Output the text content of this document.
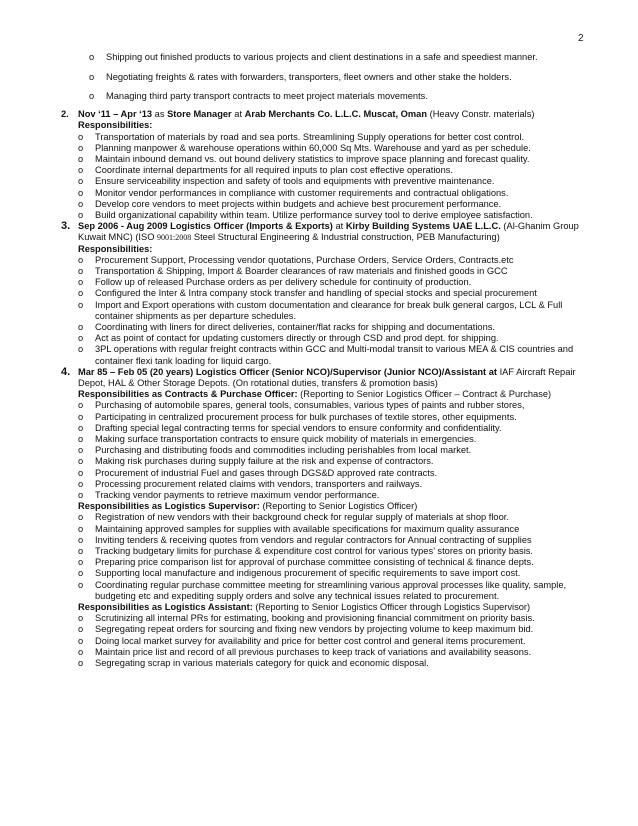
2
o	Shipping out finished products to various projects and client destinations in a safe and speediest manner.
o	Negotiating freights & rates with forwarders, transporters, fleet owners and other stake the holders.
o	Managing third party transport contracts to meet project materials movements.
2. Nov ‘11 – Apr ‘13 as Store Manager at Arab Merchants Co. L.L.C. Muscat, Oman (Heavy Constr. materials)
Responsibilities:
o	Transportation of materials by road and sea ports. Streamlining Supply operations for better cost control.
o	Planning manpower & warehouse operations within 60,000 Sq Mts. Warehouse and yard as per schedule.
o	Maintain inbound demand vs. out bound delivery statistics to improve space planning and forecast quality.
o	Coordinate internal departments for all required inputs to plan cost effective operations.
o	Ensure serviceability inspection and safety of tools and equipments with preventive maintenance.
o	Monitor vendor performances in compliance with customer requirements and contractual obligations.
o	Develop core vendors to meet projects within budgets and achieve best procurement performance.
o	Build organizational capability within team. Utilize performance survey tool to derive employee satisfaction.
3. Sep 2006 - Aug 2009 Logistics Officer (Imports & Exports) at Kirby Building Systems UAE L.L.C. (Al-Ghanim Group Kuwait MNC) (ISO 9001:2008 Steel Structural Engineering & Industrial construction, PEB Manufacturing)
Responsibilities:
o	Procurement Support, Processing vendor quotations, Purchase Orders, Service Orders, Contracts.etc
o	Transportation & Shipping, Import & Boarder clearances of raw materials and finished goods in GCC
o	Follow up of released Purchase orders as per delivery schedule for continuity of production.
o	Configured the Inter & Intra company stock transfer and handling of special stocks and special procurement
o	Import and Export operations with custom documentation and clearance for break bulk general cargos, LCL & Full container shipments as per departure schedules.
o	Coordinating with liners for direct deliveries, container/flat racks for shipping and documentations.
o	Act as point of contact for updating customers directly or through CSD and prod dept. for shipping.
o	3PL operations with regular freight contracts within GCC and Multi-modal transit to various MEA & CIS countries and container flexi tank loading for liquid cargo.
4. Mar 85 – Feb 05 (20 years) Logistics Officer (Senior NCO)/Supervisor (Junior NCO)/Assistant at IAF Aircraft Repair Depot, HAL & Other Storage Depots. (On rotational duties, transfers & promotion basis)
Responsibilities as Contracts & Purchase Officer: (Reporting to Senior Logistics Officer – Contract & Purchase)
o	Purchasing of automobile spares, general tools, consumables, various types of paints and rubber stores,
o	Participating in centralized procurement process for bulk purchases of textile stores, other equipments.
o	Drafting special legal contracting terms for special vendors to ensure conformity and confidentiality.
o	Making surface transportation contracts to ensure quick mobility of materials in emergencies.
o	Purchasing and distributing foods and commodities including perishables from local market.
o	Making risk purchases during supply failure at the risk and expense of contractors.
o	Procurement of industrial Fuel and gases through DGS&D approved rate contracts.
o	Processing procurement related claims with vendors, transporters and railways.
o	Tracking vendor payments to retrieve maximum vendor performance.
Responsibilities as Logistics Supervisor: (Reporting to Senior Logistics Officer)
o	Registration of new vendors with their background check for regular supply of materials at shop floor.
o	Maintaining approved samples for supplies with available specifications for maximum quality assurance
o	Inviting tenders & receiving quotes from vendors and regular contractors for Annual contracting of supplies
o	Tracking budgetary limits for purchase & expenditure cost control for various types’ stores on priority basis.
o	Preparing price comparison list for approval of purchase committee consisting of technical & finance depts.
o	Supporting local manufacture and indigenous procurement of specific requirements to save import cost.
o	Coordinating regular purchase committee meeting for streamlining various approval processes like quality, sample, budgeting etc and expediting supply orders and solve any technical issues related to procurement.
Responsibilities as Logistics Assistant: (Reporting to Senior Logistics Officer through Logistics Supervisor)
o	Scrutinizing all internal PRs for estimating, booking and provisioning financial commitment on priority basis.
o	Segregating repeat orders for sourcing and fixing new vendors by projecting volume to keep maximum bid.
o	Doing local market survey for availability and price for better cost control and general items procurement.
o	Maintain price list and record of all previous purchases to keep track of variations and availability seasons.
o	Segregating scrap in various materials category for quick and economic disposal.
